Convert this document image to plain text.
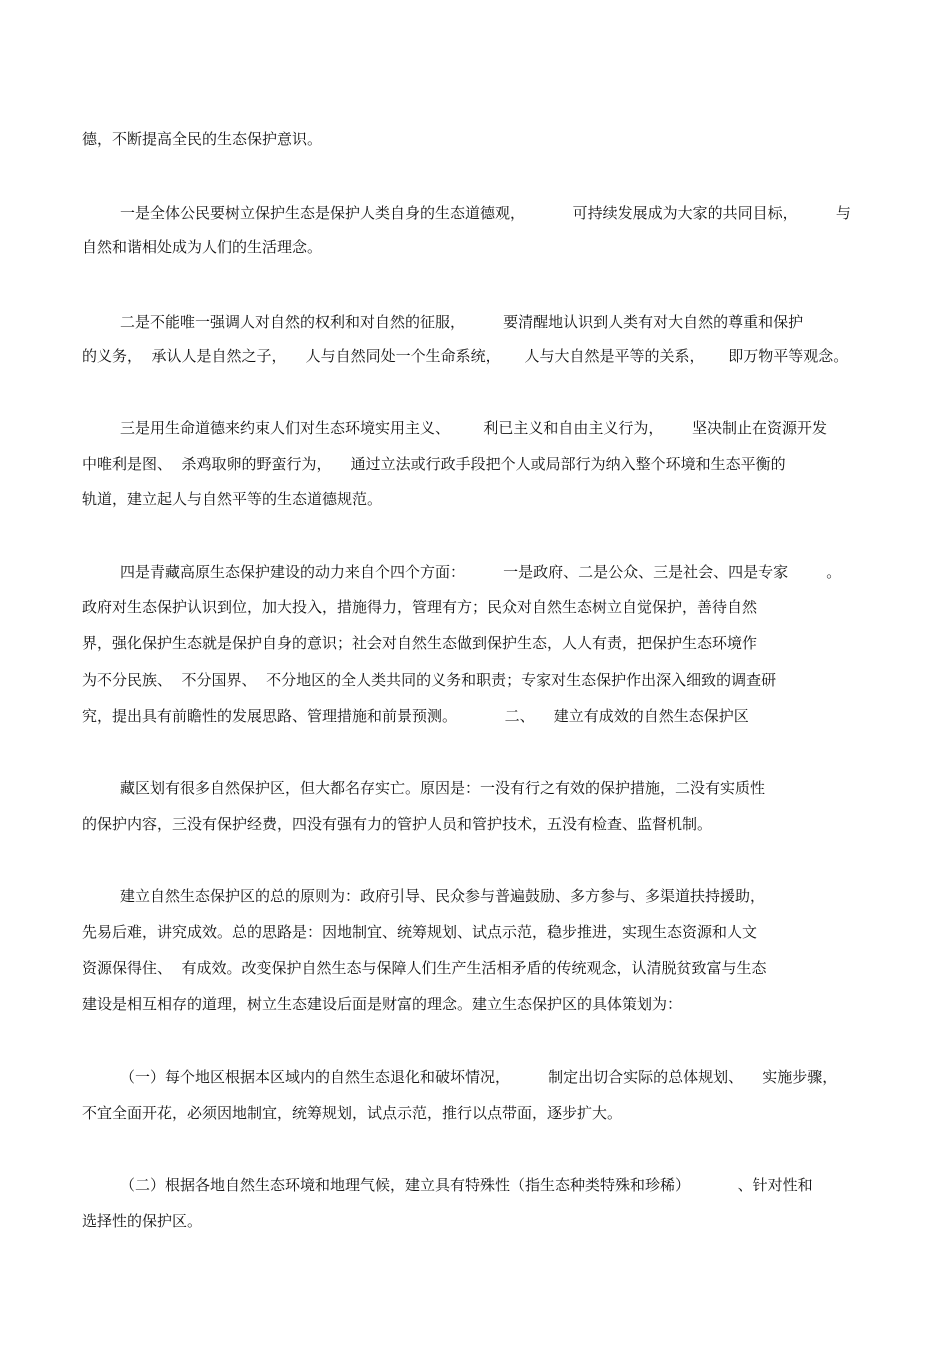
德，不断提高全民的生态保护意识。
一是全体公民要树立保护生态是保护人类自身的生态道德观，          可持续发展成为大家的共同目标，        与
自然和谐相处成为人们的生活理念。
二是不能唯一强调人对自然的权利和对自然的征服，        要清醒地认识到人类有对大自然的尊重和保护
的义务，  承认人是自然之子，    人与自然同处一个生命系统，     人与大自然是平等的关系，     即万物平等观念。
三是用生命道德来约束人们对生态环境实用主义、       利已主义和自由主义行为，      坚决制止在资源开发
中唯利是图、  杀鸡取卵的野蛮行为，    通过立法或行政手段把个人或局部行为纳入整个环境和生态平衡的
轨道，建立起人与自然平等的生态道德规范。
四是青藏高原生态保护建设的动力来自个四个方面：        一是政府、二是公众、三是社会、四是专家        。
政府对生态保护认识到位，加大投入，措施得力，管理有方；民众对自然生态树立自觉保护，善待自然
界，强化保护生态就是保护自身的意识；社会对自然生态做到保护生态，人人有责，把保护生态环境作
为不分民族、  不分国界、  不分地区的全人类共同的义务和职责；专家对生态保护作出深入细致的调查研
究，提出具有前瞻性的发展思路、管理措施和前景预测。          二、    建立有成效的自然生态保护区
藏区划有很多自然保护区，但大都名存实亡。原因是：一没有行之有效的保护措施，二没有实质性
的保护内容，三没有保护经费，四没有强有力的管护人员和管护技术，五没有检查、监督机制。
建立自然生态保护区的总的原则为：政府引导、民众参与普遍鼓励、多方参与、多渠道扶持援助，
先易后难，讲究成效。总的思路是：因地制宜、统筹规划、试点示范，稳步推进，实现生态资源和人文
资源保得住、  有成效。改变保护自然生态与保障人们生产生活相矛盾的传统观念，认清脱贫致富与生态
建设是相互相存的道理，树立生态建设后面是财富的理念。建立生态保护区的具体策划为：
（一）每个地区根据本区域内的自然生态退化和破坏情况，        制定出切合实际的总体规划、    实施步骤，
不宜全面开花，必须因地制宜，统筹规划，试点示范，推行以点带面，逐步扩大。
（二）根据各地自然生态环境和地理气候，建立具有特殊性（指生态种类特殊和珍稀）          、针对性和
选择性的保护区。
